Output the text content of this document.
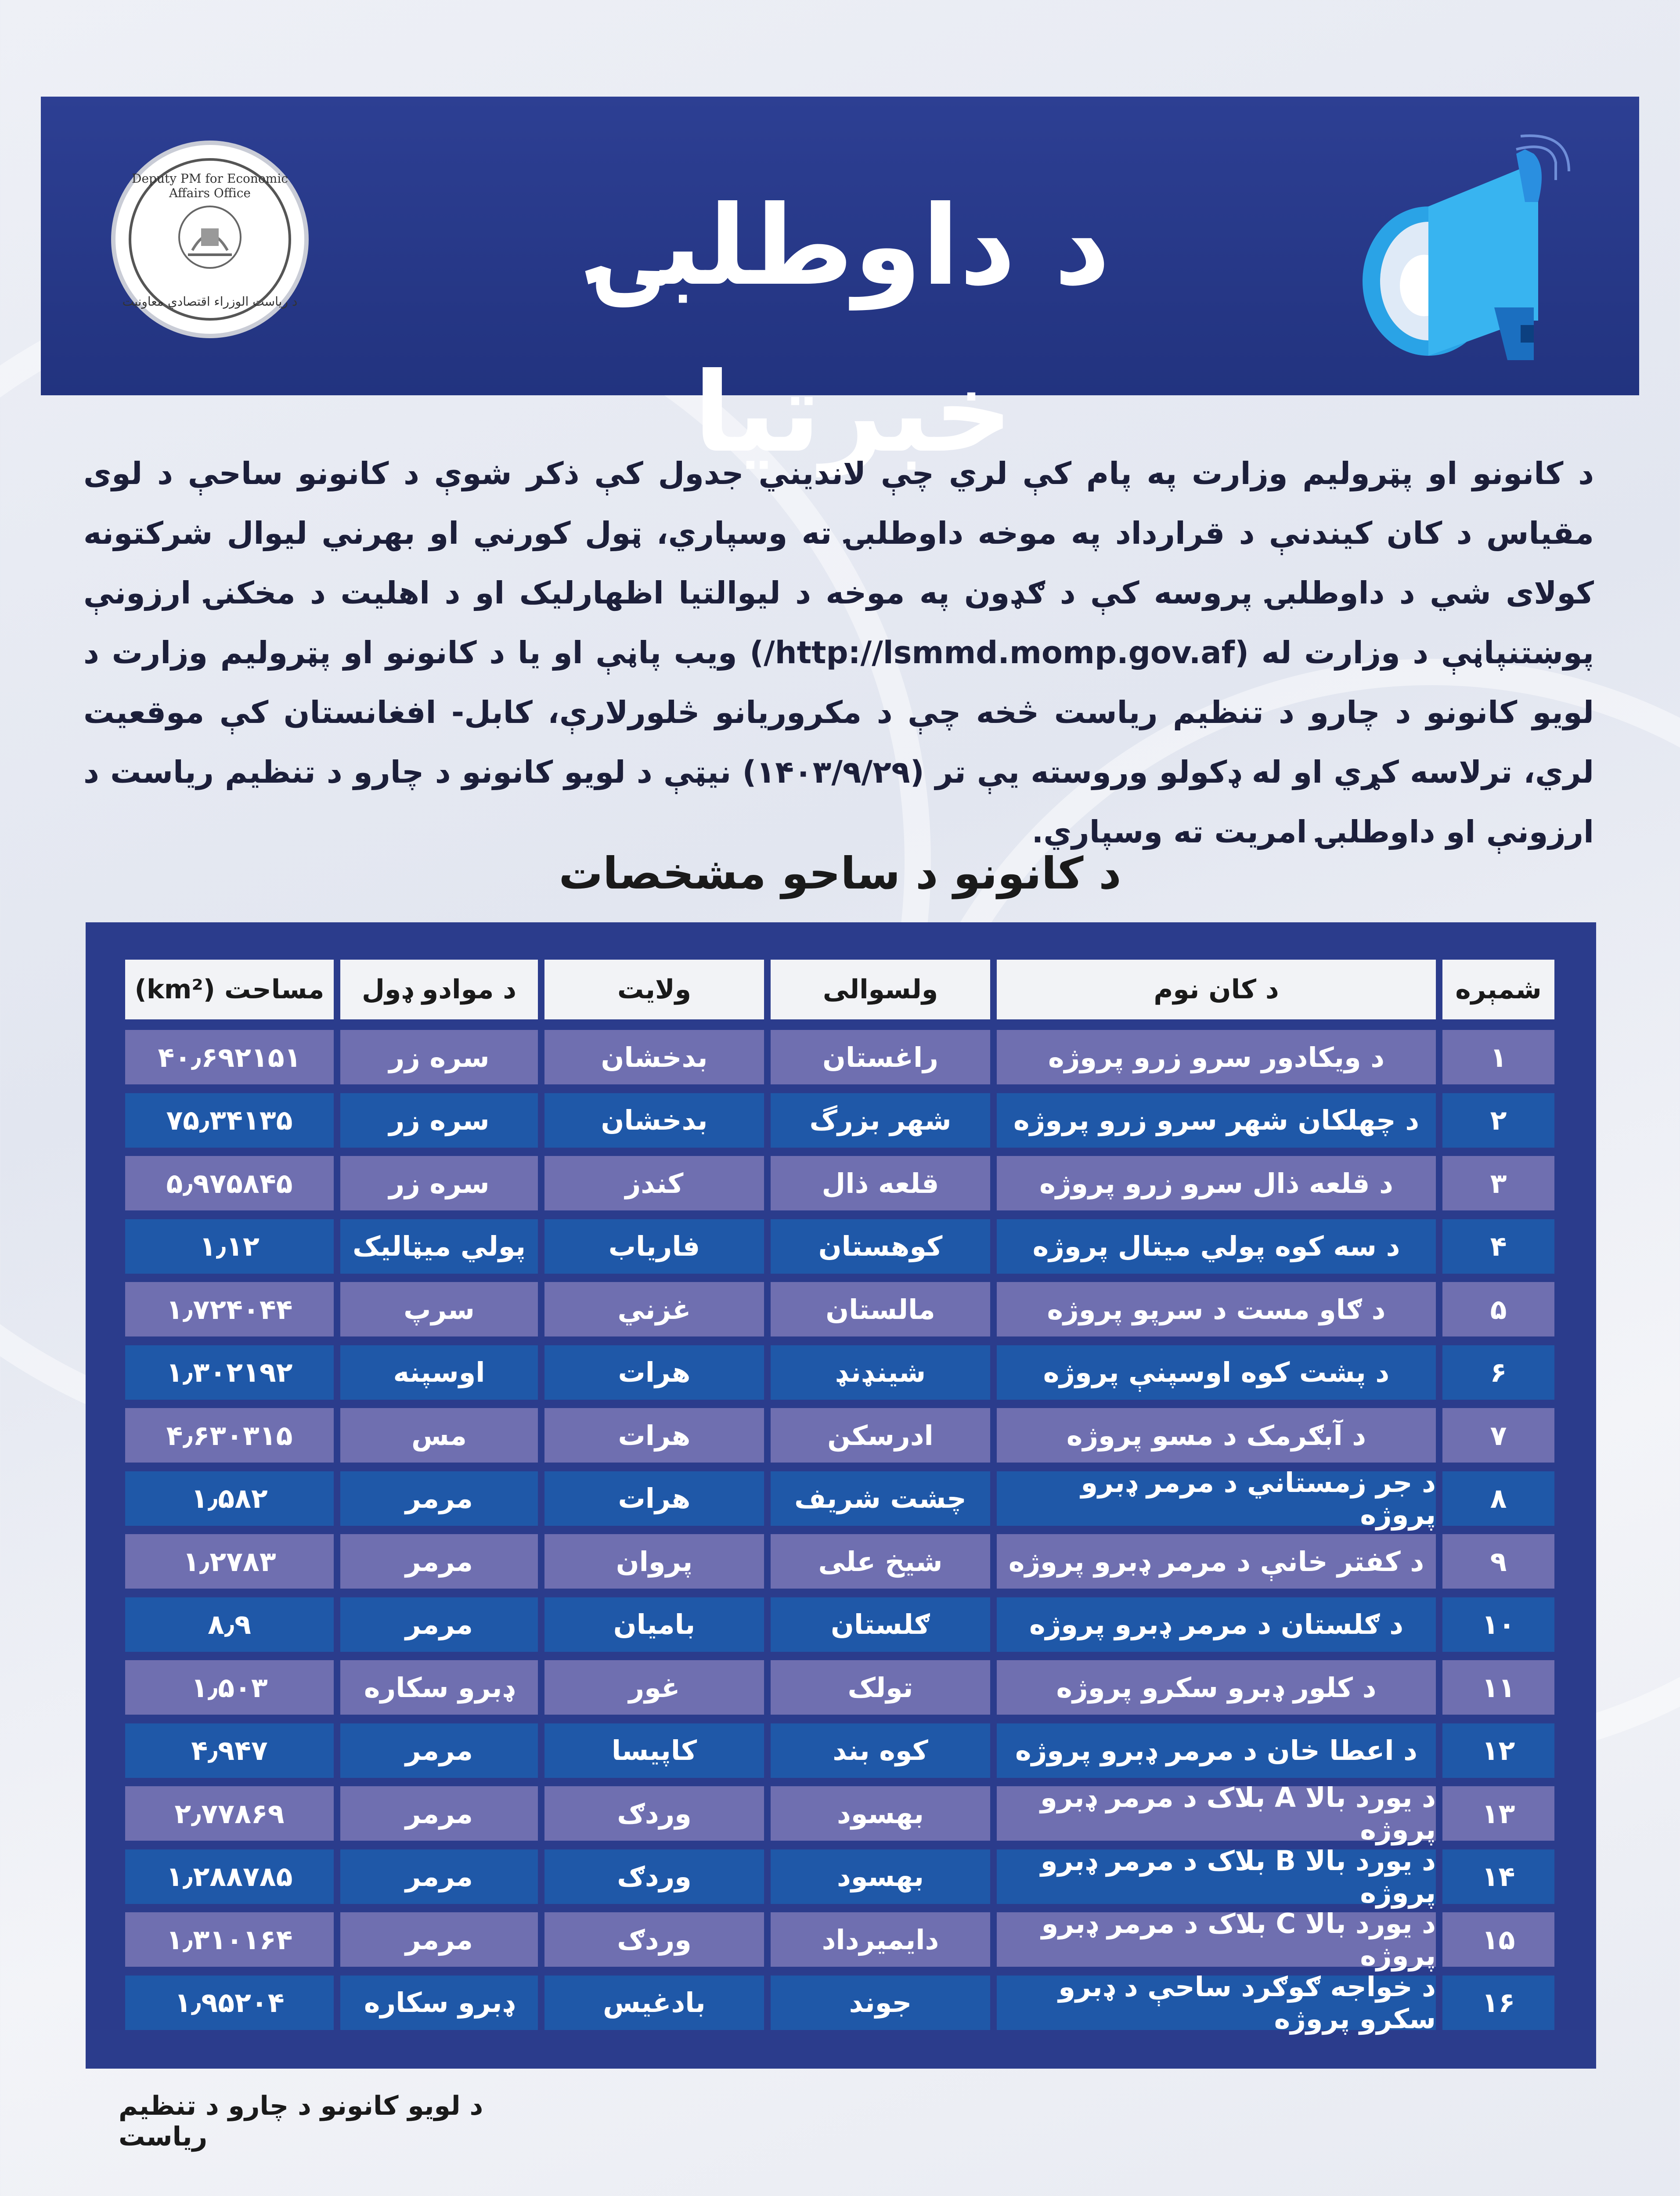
Deputy PM for Economic Affairs Office
د ریاست الوزراء اقتصادي معاونیت	د داوطلبۍ خبرتیا
د کانونو او پټرولیم وزارت په پام کې لري چې لاندیني جدول کې ذکر شوې د کانونو ساحې د لوی مقیاس د کان کیندنې د قرارداد په موخه داوطلبۍ ته وسپاري، ټول کورني او بهرني لیوال شرکتونه کولای شي د داوطلبۍ پروسه کې د ګډون په موخه د لیوالتیا اظهارلیک او د اهلیت د مخکنۍ ارزونې پوښتنپاڼې د وزارت له (http://lsmmd.momp.gov.af/) ویب پاڼې او یا د کانونو او پټرولیم وزارت د لویو کانونو د چارو د تنظیم ریاست څخه چې د مکروریانو څلورلارې، کابل- افغانستان کې موقعیت لري، ترلاسه کړي او له ډکولو وروسته یې تر (۱۴۰۳/۹/۲۹) نیټې د لویو کانونو د چارو د تنظیم ریاست د ارزونې او داوطلبۍ امریت ته وسپاري.
د کانونو د ساحو مشخصات
شمېره
د کان نوم
ولسوالی
ولایت
د موادو ډول
مساحت (km²)
۱
د ویکادور سرو زرو پروژه
راغستان
بدخشان
سره زر
۴۰٫۶۹۲۱۵۱
۲
د چهلکان شهر سرو زرو پروژه
شهر بزرگ
بدخشان
سره زر
۷۵٫۳۴۱۳۵
۳
د قلعه ذال سرو زرو پروژه
قلعه ذال
کندز
سره زر
۵٫۹۷۵۸۴۵
۴
د سه کوه پولي میتال پروژه
کوهستان
فاریاب
پولي میټالیک
۱٫۱۲
۵
د ګاو مست د سرپو پروژه
مالستان
غزني
سرپ
۱٫۷۲۴۰۴۴
۶
د پشت کوه اوسپنې پروژه
شینډنډ
هرات
اوسپنه
۱٫۳۰۲۱۹۲
۷
د آبګرمک د مسو پروژه
ادرسکن
هرات
مس
۴٫۶۳۰۳۱۵
۸
د جر زمستاني د مرمر ډبرو پروژه
چشت شریف
هرات
مرمر
۱٫۵۸۲
۹
د کفتر خانې د مرمر ډبرو پروژه
شیخ علی
پروان
مرمر
۱٫۲۷۸۳
۱۰
د ګلستان د مرمر ډبرو پروژه
ګلستان
بامیان
مرمر
۸٫۹
۱۱
د کلور ډبرو سکرو پروژه
تولک
غور
ډبرو سکاره
۱٫۵۰۳
۱۲
د اعطا خان د مرمر ډبرو پروژه
کوه بند
کاپیسا
مرمر
۴٫۹۴۷
۱۳
د یورد بالا A بلاک د مرمر ډبرو پروژه
بهسود
وردګ
مرمر
۲٫۷۷۸۶۹
۱۴
د یورد بالا B بلاک د مرمر ډبرو پروژه
بهسود
وردګ
مرمر
۱٫۲۸۸۷۸۵
۱۵
د یورد بالا C بلاک د مرمر ډبرو پروژه
دایمیرداد
وردګ
مرمر
۱٫۳۱۰۱۶۴
۱۶
د خواجه ګوګرد ساحې د ډبرو سکرو پروژه
جوند
بادغیس
ډبرو سکاره
۱٫۹۵۲۰۴
د لویو کانونو د چارو د تنظیم ریاست
